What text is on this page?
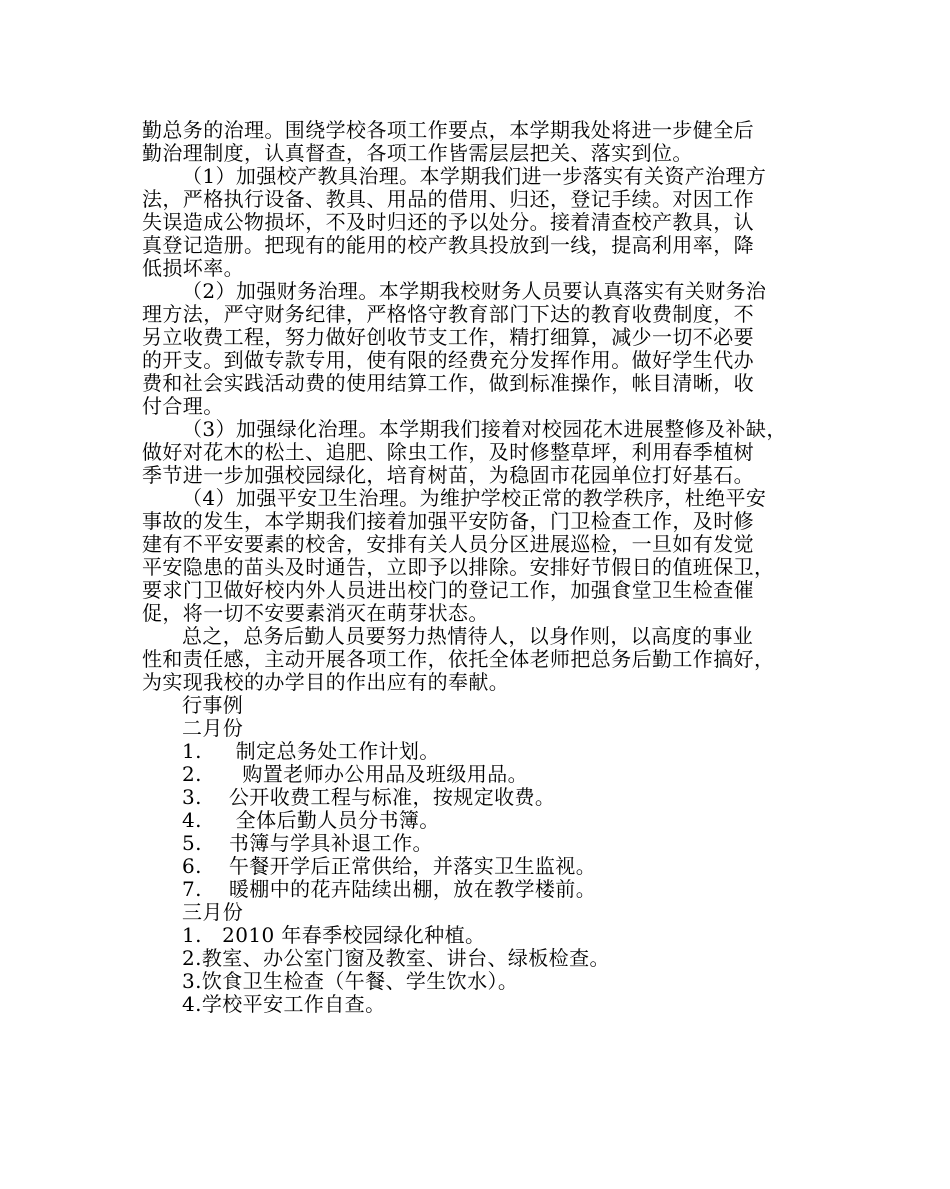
勤总务的治理。围绕学校各项工作要点，本学期我处将进一步健全后
勤治理制度，认真督查，各项工作皆需层层把关、落实到位。
（1）加强校产教具治理。本学期我们进一步落实有关资产治理方
法，严格执行设备、教具、用品的借用、归还，登记手续。对因工作
失误造成公物损坏，不及时归还的予以处分。接着清查校产教具，认
真登记造册。把现有的能用的校产教具投放到一线，提高利用率，降
低损坏率。
（2）加强财务治理。本学期我校财务人员要认真落实有关财务治
理方法，严守财务纪律，严格恪守教育部门下达的教育收费制度，不
另立收费工程，努力做好创收节支工作，精打细算，减少一切不必要
的开支。到做专款专用，使有限的经费充分发挥作用。做好学生代办
费和社会实践活动费的使用结算工作，做到标准操作，帐目清晰，收
付合理。
（3）加强绿化治理。本学期我们接着对校园花木进展整修及补缺，
做好对花木的松土、追肥、除虫工作，及时修整草坪，利用春季植树
季节进一步加强校园绿化，培育树苗，为稳固市花园单位打好基石。
（4）加强平安卫生治理。为维护学校正常的教学秩序，杜绝平安
事故的发生，本学期我们接着加强平安防备，门卫检查工作，及时修
建有不平安要素的校舍，安排有关人员分区进展巡检，一旦如有发觉
平安隐患的苗头及时通告，立即予以排除。安排好节假日的值班保卫，
要求门卫做好校内外人员进出校门的登记工作，加强食堂卫生检查催
促，将一切不安要素消灭在萌芽状态。
总之，总务后勤人员要努力热情待人，以身作则，以高度的事业
性和责任感，主动开展各项工作，依托全体老师把总务后勤工作搞好，
为实现我校的办学目的作出应有的奉献。
行事例
二月份
1.     制定总务处工作计划。
2.      购置老师办公用品及班级用品。
3.    公开收费工程与标准，按规定收费。
4.     全体后勤人员分书簿。
5.    书簿与学具补退工作。
6.    午餐开学后正常供给，并落实卫生监视。
7.    暖棚中的花卉陆续出棚，放在教学楼前。
三月份
1.   2010 年春季校园绿化种植。
2.教室、办公室门窗及教室、讲台、绿板检查。
3.饮食卫生检查（午餐、学生饮水）。
4.学校平安工作自查。
